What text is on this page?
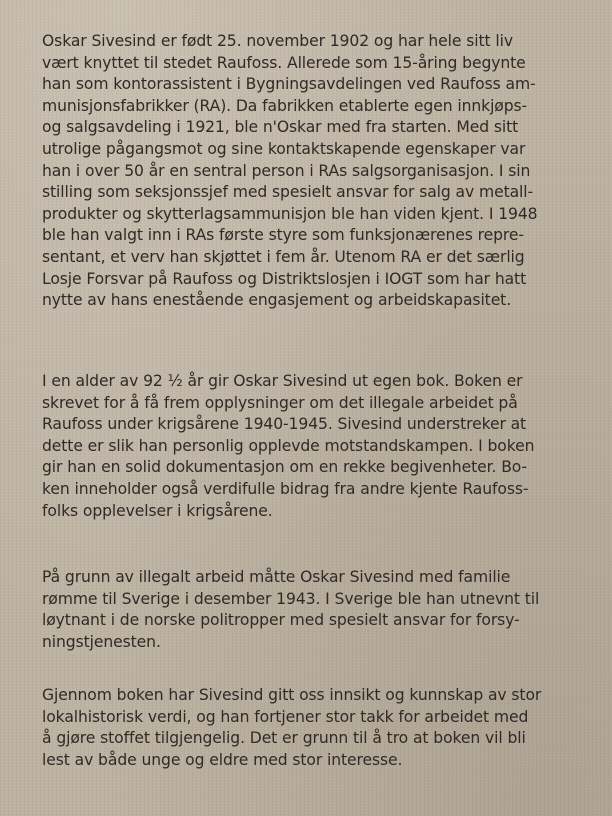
Oskar Sivesind er født 25. november 1902 og har hele sitt liv
vært knyttet til stedet Raufoss. Allerede som 15-åring begynte
han som kontorassistent i Bygningsavdelingen ved Raufoss am-
munisjonsfabrikker (RA). Da fabrikken etablerte egen innkjøps-
og salgsavdeling i 1921, ble n'Oskar med fra starten. Med sitt
utrolige pågangsmot og sine kontaktskapende egenskaper var
han i over 50 år en sentral person i RAs salgsorganisasjon. I sin
stilling som seksjonssjef med spesielt ansvar for salg av metall-
produkter og skytterlagsammunisjon ble han viden kjent. I 1948
ble han valgt inn i RAs første styre som funksjonærenes repre-
sentant, et verv han skjøttet i fem år. Utenom RA er det særlig
Losje Forsvar på Raufoss og Distriktslosjen i IOGT som har hatt
nytte av hans enestående engasjement og arbeidskapasitet.
I en alder av 92 ½ år gir Oskar Sivesind ut egen bok. Boken er
skrevet for å få frem opplysninger om det illegale arbeidet på
Raufoss under krigsårene 1940-1945. Sivesind understreker at
dette er slik han personlig opplevde motstandskampen. I boken
gir han en solid dokumentasjon om en rekke begivenheter. Bo-
ken inneholder også verdifulle bidrag fra andre kjente Raufoss-
folks opplevelser i krigsårene.
På grunn av illegalt arbeid måtte Oskar Sivesind med familie
rømme til Sverige i desember 1943. I Sverige ble han utnevnt til
løytnant i de norske politropper med spesielt ansvar for forsy-
ningstjenesten.
Gjennom boken har Sivesind gitt oss innsikt og kunnskap av stor
lokalhistorisk verdi, og han fortjener stor takk for arbeidet med
å gjøre stoffet tilgjengelig. Det er grunn til å tro at boken vil bli
lest av både unge og eldre med stor interesse.
